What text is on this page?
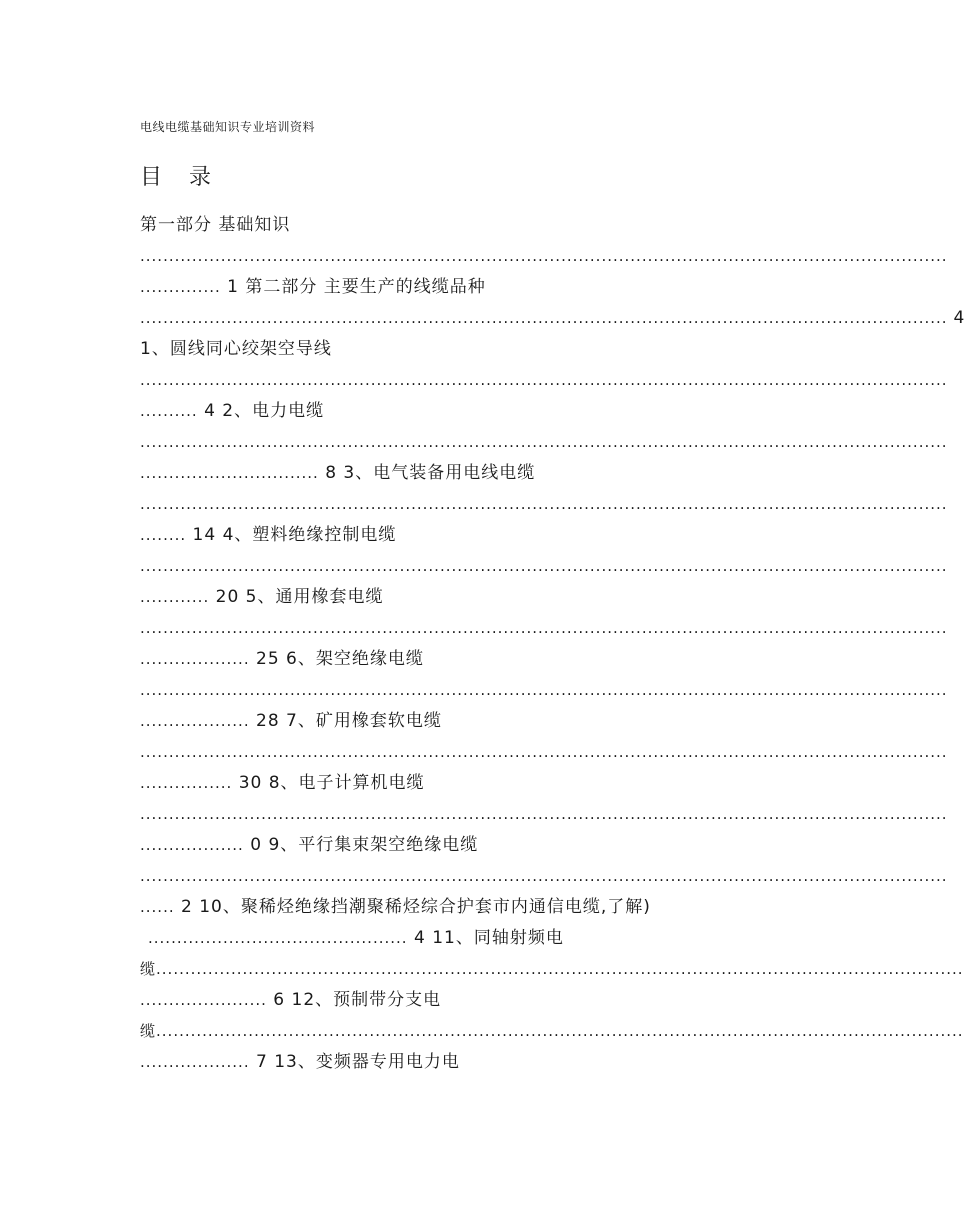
电线电缆基础知识专业培训资料
目 录
第一部分 基础知识
............................................................................................................................................
.............. 1 第二部分 主要生产的线缆品种
............................................................................................................................................ 4
1、圆线同心绞架空导线
............................................................................................................................................
.......... 4 2、电力电缆
............................................................................................................................................
............................... 8 3、电气装备用电线电缆
............................................................................................................................................
........ 14 4、塑料绝缘控制电缆
............................................................................................................................................
............ 20 5、通用橡套电缆
............................................................................................................................................
................... 25 6、架空绝缘电缆
............................................................................................................................................
................... 28 7、矿用橡套软电缆
............................................................................................................................................
................ 30 8、电子计算机电缆
............................................................................................................................................
.................. 0 9、平行集束架空绝缘电缆
............................................................................................................................................
...... 2 10、聚稀烃绝缘挡潮聚稀烃综合护套市内通信电缆,了解)
............................................. 4 11、同轴射频电
缆 ............................................................................................................................................
...................... 6 12、预制带分支电
缆 ............................................................................................................................................
................... 7 13、变频器专用电力电
